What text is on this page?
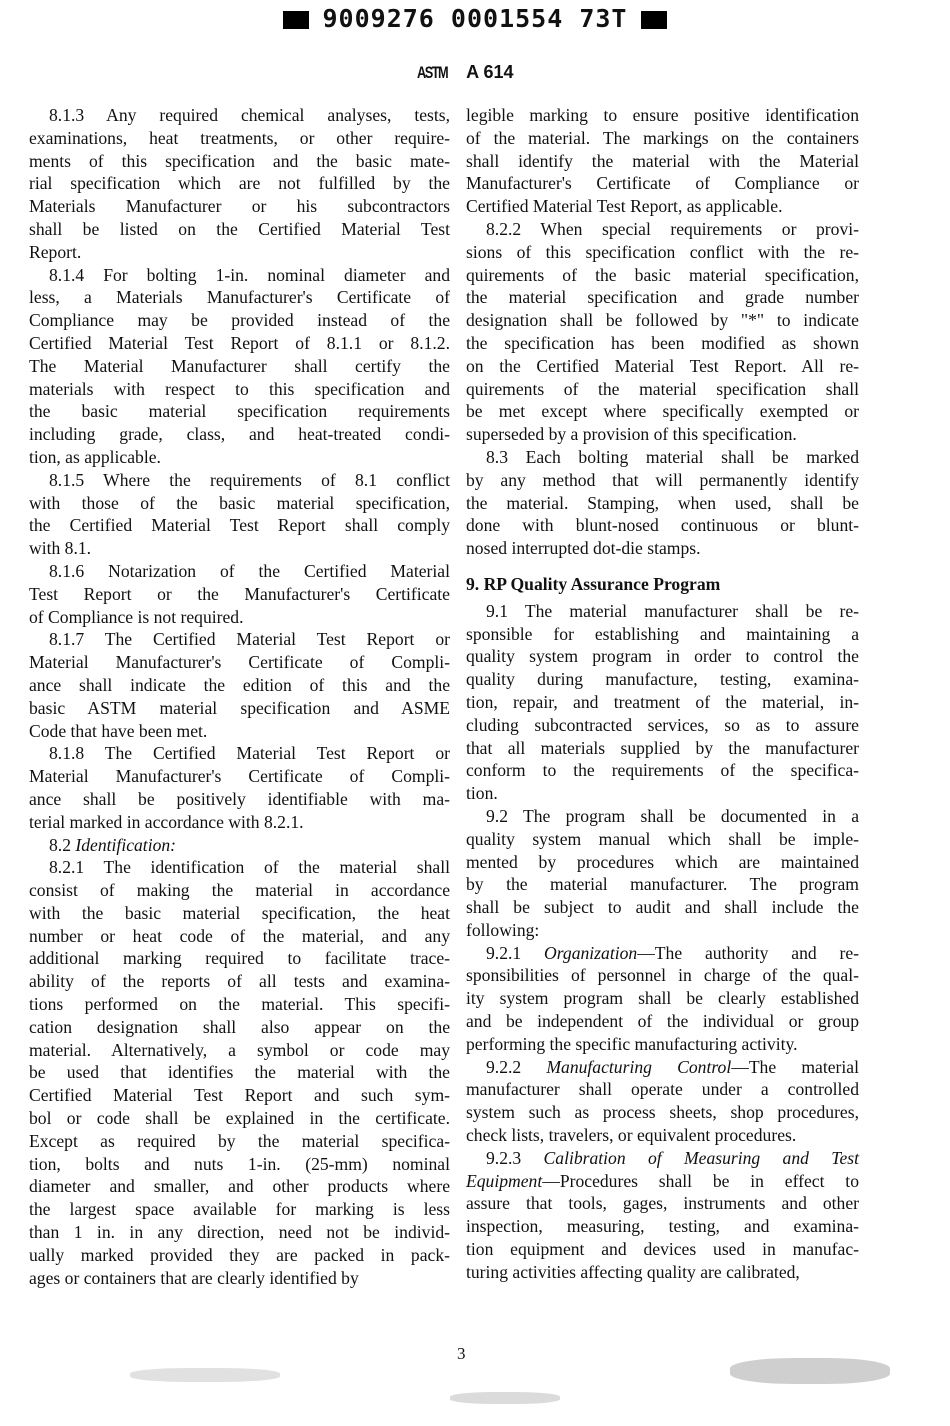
9009276 0001554 73T
ASTM A 614
8.1.3 Any required chemical analyses, tests,
examinations, heat treatments, or other require-
ments of this specification and the basic mate-
rial specification which are not fulfilled by the
Materials Manufacturer or his subcontractors
shall be listed on the Certified Material Test
Report.
8.1.4 For bolting 1-in. nominal diameter and
less, a Materials Manufacturer's Certificate of
Compliance may be provided instead of the
Certified Material Test Report of 8.1.1 or 8.1.2.
The Material Manufacturer shall certify the
materials with respect to this specification and
the basic material specification requirements
including grade, class, and heat-treated condi-
tion, as applicable.
8.1.5 Where the requirements of 8.1 conflict
with those of the basic material specification,
the Certified Material Test Report shall comply
with 8.1.
8.1.6 Notarization of the Certified Material
Test Report or the Manufacturer's Certificate
of Compliance is not required.
8.1.7 The Certified Material Test Report or
Material Manufacturer's Certificate of Compli-
ance shall indicate the edition of this and the
basic ASTM material specification and ASME
Code that have been met.
8.1.8 The Certified Material Test Report or
Material Manufacturer's Certificate of Compli-
ance shall be positively identifiable with ma-
terial marked in accordance with 8.2.1.
8.2 Identification:
8.2.1 The identification of the material shall
consist of making the material in accordance
with the basic material specification, the heat
number or heat code of the material, and any
additional marking required to facilitate trace-
ability of the reports of all tests and examina-
tions performed on the material. This specifi-
cation designation shall also appear on the
material. Alternatively, a symbol or code may
be used that identifies the material with the
Certified Material Test Report and such sym-
bol or code shall be explained in the certificate.
Except as required by the material specifica-
tion, bolts and nuts 1-in. (25-mm) nominal
diameter and smaller, and other products where
the largest space available for marking is less
than 1 in. in any direction, need not be individ-
ually marked provided they are packed in pack-
ages or containers that are clearly identified by
legible marking to ensure positive identification
of the material. The markings on the containers
shall identify the material with the Material
Manufacturer's Certificate of Compliance or
Certified Material Test Report, as applicable.
8.2.2 When special requirements or provi-
sions of this specification conflict with the re-
quirements of the basic material specification,
the material specification and grade number
designation shall be followed by "*" to indicate
the specification has been modified as shown
on the Certified Material Test Report. All re-
quirements of the material specification shall
be met except where specifically exempted or
superseded by a provision of this specification.
8.3 Each bolting material shall be marked
by any method that will permanently identify
the material. Stamping, when used, shall be
done with blunt-nosed continuous or blunt-
nosed interrupted dot-die stamps.
9. RP Quality Assurance Program
9.1 The material manufacturer shall be re-
sponsible for establishing and maintaining a
quality system program in order to control the
quality during manufacture, testing, examina-
tion, repair, and treatment of the material, in-
cluding subcontracted services, so as to assure
that all materials supplied by the manufacturer
conform to the requirements of the specifica-
tion.
9.2 The program shall be documented in a
quality system manual which shall be imple-
mented by procedures which are maintained
by the material manufacturer. The program
shall be subject to audit and shall include the
following:
9.2.1 Organization—The authority and re-
sponsibilities of personnel in charge of the qual-
ity system program shall be clearly established
and be independent of the individual or group
performing the specific manufacturing activity.
9.2.2 Manufacturing Control—The material
manufacturer shall operate under a controlled
system such as process sheets, shop procedures,
check lists, travelers, or equivalent procedures.
9.2.3 Calibration of Measuring and Test
Equipment—Procedures shall be in effect to
assure that tools, gages, instruments and other
inspection, measuring, testing, and examina-
tion equipment and devices used in manufac-
turing activities affecting quality are calibrated,
3
